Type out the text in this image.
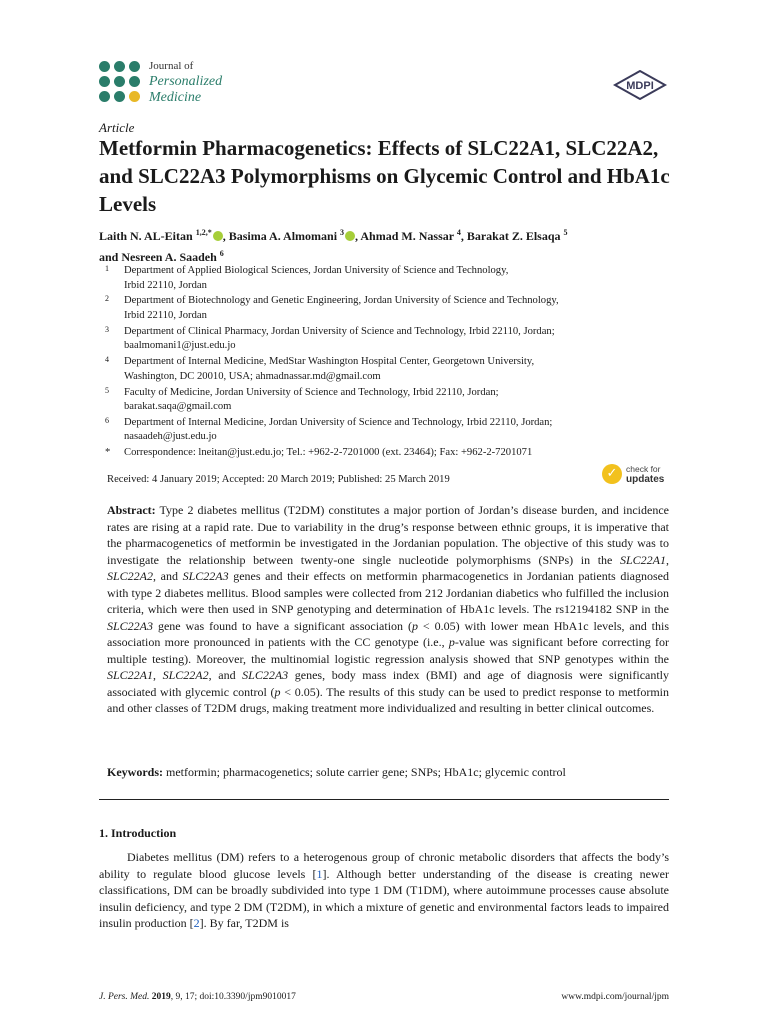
Journal of
Personalized
Medicine
MDPI
Article
Metformin Pharmacogenetics: Effects of SLC22A1, SLC22A2, and SLC22A3 Polymorphisms on Glycemic Control and HbA1c Levels
Laith N. AL-Eitan $^{1,2,*}$ , Basima A. Almomani $^3$ , Ahmad M. Nassar $^4$, Barakat Z. Elsaqa $^5$
and Nesreen A. Saadeh $^6$
1 Department of Applied Biological Sciences, Jordan University of Science and Technology,
Irbid 22110, Jordan
2 Department of Biotechnology and Genetic Engineering, Jordan University of Science and Technology,
Irbid 22110, Jordan
3 Department of Clinical Pharmacy, Jordan University of Science and Technology, Irbid 22110, Jordan;
baalmomani1@just.edu.jo
4 Department of Internal Medicine, MedStar Washington Hospital Center, Georgetown University,
Washington, DC 20010, USA; ahmadnassar.md@gmail.com
5 Faculty of Medicine, Jordan University of Science and Technology, Irbid 22110, Jordan;
barakat.saqa@gmail.com
6 Department of Internal Medicine, Jordan University of Science and Technology, Irbid 22110, Jordan;
nasaadeh@just.edu.jo
* Correspondence: lneitan@just.edu.jo; Tel.: +962-2-7201000 (ext. 23464); Fax: +962-2-7201071
Received: 4 January 2019; Accepted: 20 March 2019; Published: 25 March 2019	✓	check for
updates
Abstract: Type 2 diabetes mellitus (T2DM) constitutes a major portion of Jordan’s disease burden, and incidence rates are rising at a rapid rate. Due to variability in the drug’s response between ethnic groups, it is imperative that the pharmacogenetics of metformin be investigated in the Jordanian population. The objective of this study was to investigate the relationship between twenty-one single nucleotide polymorphisms (SNPs) in the SLC22A1, SLC22A2, and SLC22A3 genes and their effects on metformin pharmacogenetics in Jordanian patients diagnosed with type 2 diabetes mellitus. Blood samples were collected from 212 Jordanian diabetics who fulfilled the inclusion criteria, which were then used in SNP genotyping and determination of HbA1c levels. The rs12194182 SNP in the SLC22A3 gene was found to have a significant association (p < 0.05) with lower mean HbA1c levels, and this association more pronounced in patients with the CC genotype (i.e., p-value was significant before correcting for multiple testing). Moreover, the multinomial logistic regression analysis showed that SNP genotypes within the SLC22A1, SLC22A2, and SLC22A3 genes, body mass index (BMI) and age of diagnosis were significantly associated with glycemic control (p < 0.05). The results of this study can be used to predict response to metformin and other classes of T2DM drugs, making treatment more individualized and resulting in better clinical outcomes.
Keywords: metformin; pharmacogenetics; solute carrier gene; SNPs; HbA1c; glycemic control
1. Introduction
Diabetes mellitus (DM) refers to a heterogenous group of chronic metabolic disorders that affects the body’s ability to regulate blood glucose levels [1]. Although better understanding of the disease is creating newer classifications, DM can be broadly subdivided into type 1 DM (T1DM), where autoimmune processes cause absolute insulin deficiency, and type 2 DM (T2DM), in which a mixture of genetic and environmental factors leads to impaired insulin production [2]. By far, T2DM is
J. Pers. Med. 2019, 9, 17; doi:10.3390/jpm9010017	www.mdpi.com/journal/jpm
